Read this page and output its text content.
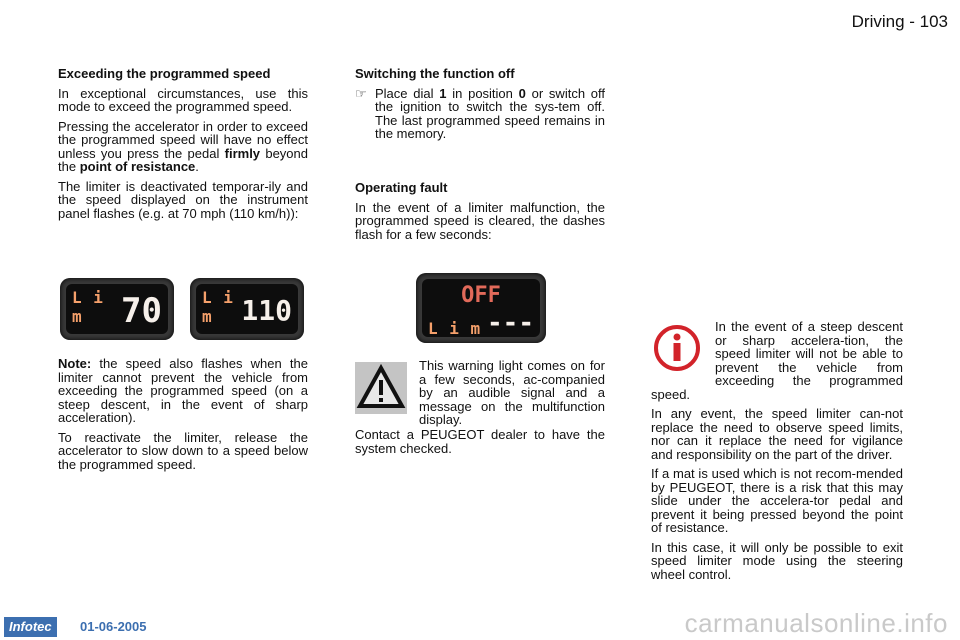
Driving - 103
Exceeding the programmed speed

In exceptional circumstances, use this mode to exceed the programmed speed.

Pressing the accelerator in order to exceed the programmed speed will have no effect unless you press the pedal firmly beyond the point of resistance.

The limiter is deactivated temporar-ily and the speed displayed on the instrument panel flashes (e.g. at 70 mph (110 km/h)):

Note: the speed also flashes when the limiter cannot prevent the vehicle from exceeding the programmed speed (on a steep descent, in the event of sharp acceleration).

To reactivate the limiter, release the accelerator to slow down to a speed below the programmed speed.

L i m	70	L i m	110	OFF
L i m ---
Switching the function off

☞ Place dial 1 in position 0 or switch off the ignition to switch the sys-tem off. The last programmed speed remains in the memory.

Operating fault

In the event of a limiter malfunction, the programmed speed is cleared, the dashes flash for a few seconds:

This warning light comes on for a few seconds, ac-companied by an audible signal and a message on the multifunction display.

Contact a PEUGEOT dealer to have the system checked.

In the event of a steep descent or sharp accelera-tion, the speed limiter will not be able to prevent the vehicle from exceeding the programmed speed.

In any event, the speed limiter can-not replace the need to observe speed limits, nor can it replace the need for vigilance and responsibility on the part of the driver.

If a mat is used which is not recom-mended by PEUGEOT, there is a risk that this may slide under the accelera-tor pedal and prevent it being pressed beyond the point of resistance.

In this case, it will only be possible to exit speed limiter mode using the steering wheel control.

Infotec	01-06-2005	carmanualsonline.info
